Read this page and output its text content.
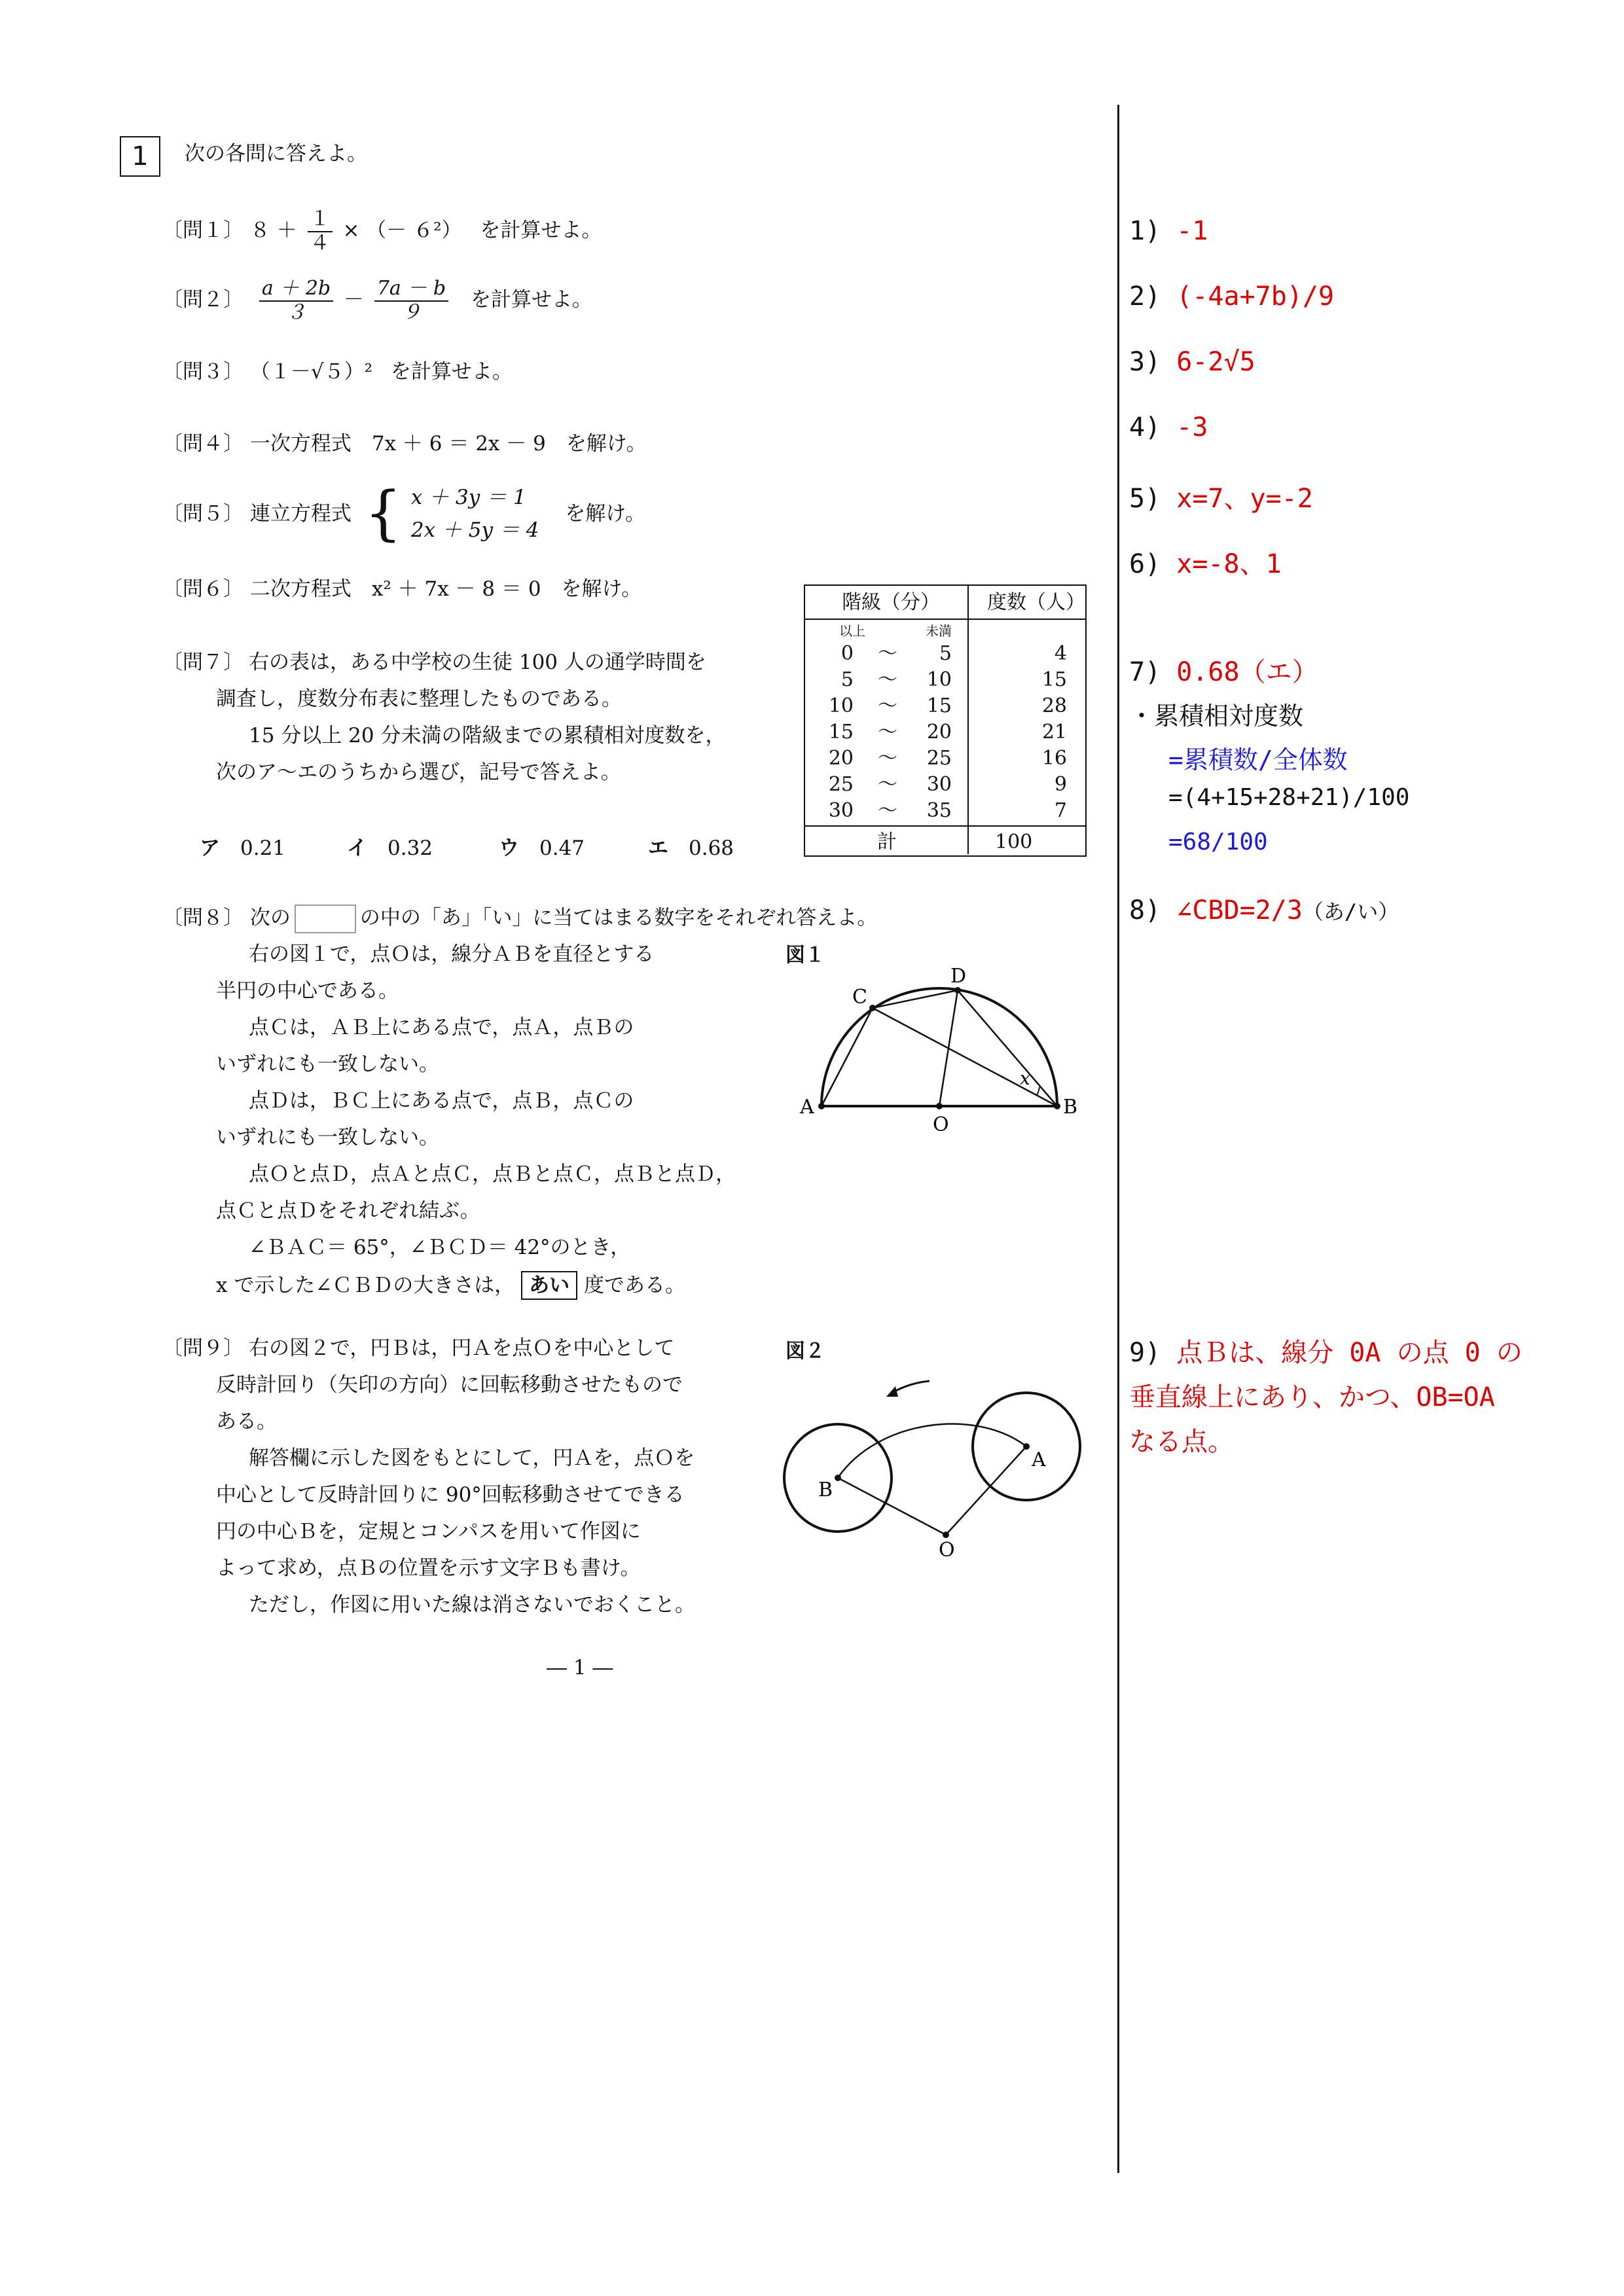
1	次の各問に答えよ。
〔問１〕 $8 + \frac{1}{4}$ × （－ ６²） を計算せよ。
〔問２〕 $\frac{a + 2b}{3} - \frac{7a - b}{9}$ を計算せよ。
〔問３〕 （１－√５）² を計算せよ。
〔問４〕 一次方程式　7x ＋ 6 ＝ 2x － 9　を解け。
〔問５〕 連立方程式 { x ＋ 3y ＝ 1
2x ＋ 5y ＝ 4
を解け。
〔問６〕 二次方程式　x² ＋ 7x － 8 ＝ 0　を解け。
〔問７〕 右の表は，ある中学校の生徒 100 人の通学時間を
調査し，度数分布表に整理したものである。
15 分以上 20 分未満の階級までの累積相対度数を，
次のア～エのうちから選び，記号で答えよ。
ア　 0.21	イ　 0.32	ウ　 0.47	エ　 0.68
階級（分） 度数（人）
以上	未満
0 ～	5	4
5 ～	10	15
10 ～	15	28
15 ～	20	21
20 ～	25	16
25 ～	30	9
30 ～	35	7
計	100
〔問８〕 次の	の中の「あ」「い」に当てはまる数字をそれぞれ答えよ。
右の図１で，点Ｏは，線分ＡＢを直径とする
半円の中心である。
点Ｃは，ＡＢ上にある点で，点Ａ，点Ｂの
いずれにも一致しない。
点Ｄは，ＢＣ上にある点で，点Ｂ，点Ｃの
いずれにも一致しない。
点Ｏと点Ｄ，点Ａと点Ｃ，点Ｂと点Ｃ，点Ｂと点Ｄ，
点Ｃと点Ｄをそれぞれ結ぶ。
∠ＢＡＣ＝ 65°，∠ＢＣＤ＝ 42°のとき，
x で示した∠ＣＢＤの大きさは， あい 度である。
図１
A	B
C
D
O
x
〔問９〕 右の図２で，円Ｂは，円Ａを点Ｏを中心として
反時計回り（矢印の方向）に回転移動させたもので
ある。
解答欄に示した図をもとにして，円Ａを，点Ｏを
中心として反時計回りに 90°回転移動させてできる
円の中心Ｂを，定規とコンパスを用いて作図に
よって求め，点Ｂの位置を示す文字Ｂも書け。
ただし，作図に用いた線は消さないでおくこと。
図２
B
A
O
― 1 ―
1) -1
2) (-4a+7b)/9
3) 6-2√5
4) -3
5) x=7、y=-2
6) x=-8、1
7) 0.68（エ）
・累積相対度数
=累積数/全体数
=(4+15+28+21)/100
=68/100
8) ∠CBD=2/3（あ/い）
9) 点Ｂは、線分 0A の点 0 の
垂直線上にあり、かつ、OB=OA
なる点。
